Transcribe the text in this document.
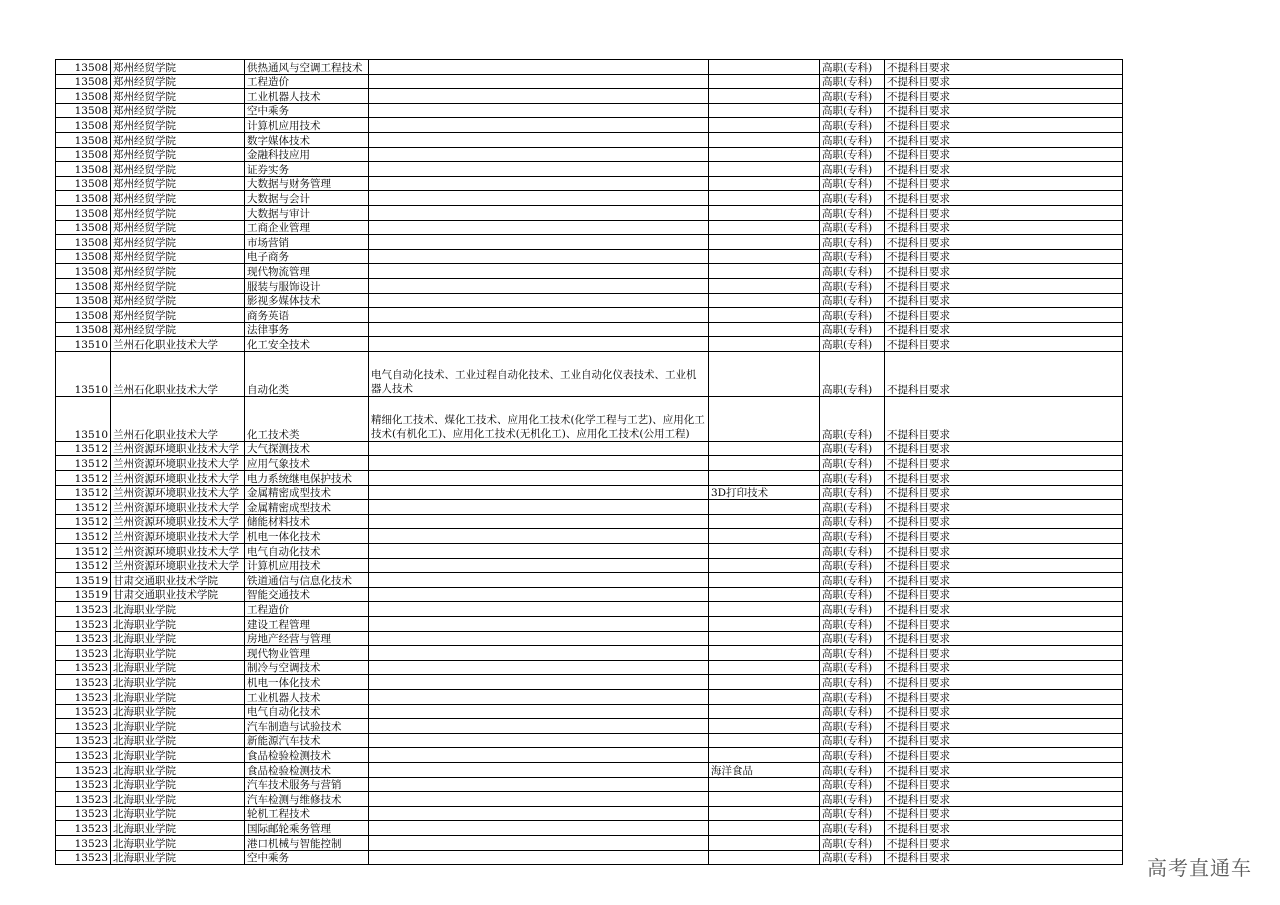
13508	郑州经贸学院	供热通风与空调工程技术			高职(专科)	不提科目要求
13508	郑州经贸学院	工程造价			高职(专科)	不提科目要求
13508	郑州经贸学院	工业机器人技术			高职(专科)	不提科目要求
13508	郑州经贸学院	空中乘务			高职(专科)	不提科目要求
13508	郑州经贸学院	计算机应用技术			高职(专科)	不提科目要求
13508	郑州经贸学院	数字媒体技术			高职(专科)	不提科目要求
13508	郑州经贸学院	金融科技应用			高职(专科)	不提科目要求
13508	郑州经贸学院	证券实务			高职(专科)	不提科目要求
13508	郑州经贸学院	大数据与财务管理			高职(专科)	不提科目要求
13508	郑州经贸学院	大数据与会计			高职(专科)	不提科目要求
13508	郑州经贸学院	大数据与审计			高职(专科)	不提科目要求
13508	郑州经贸学院	工商企业管理			高职(专科)	不提科目要求
13508	郑州经贸学院	市场营销			高职(专科)	不提科目要求
13508	郑州经贸学院	电子商务			高职(专科)	不提科目要求
13508	郑州经贸学院	现代物流管理			高职(专科)	不提科目要求
13508	郑州经贸学院	服装与服饰设计			高职(专科)	不提科目要求
13508	郑州经贸学院	影视多媒体技术			高职(专科)	不提科目要求
13508	郑州经贸学院	商务英语			高职(专科)	不提科目要求
13508	郑州经贸学院	法律事务			高职(专科)	不提科目要求
13510	兰州石化职业技术大学	化工安全技术			高职(专科)	不提科目要求
13510	兰州石化职业技术大学	自动化类	电气自动化技术、工业过程自动化技术、工业自动化仪表技术、工业机器人技术		高职(专科)	不提科目要求
13510	兰州石化职业技术大学	化工技术类	精细化工技术、煤化工技术、应用化工技术(化学工程与工艺)、应用化工技术(有机化工)、应用化工技术(无机化工)、应用化工技术(公用工程)		高职(专科)	不提科目要求
13512	兰州资源环境职业技术大学	大气探测技术			高职(专科)	不提科目要求
13512	兰州资源环境职业技术大学	应用气象技术			高职(专科)	不提科目要求
13512	兰州资源环境职业技术大学	电力系统继电保护技术			高职(专科)	不提科目要求
13512	兰州资源环境职业技术大学	金属精密成型技术		3D打印技术	高职(专科)	不提科目要求
13512	兰州资源环境职业技术大学	金属精密成型技术			高职(专科)	不提科目要求
13512	兰州资源环境职业技术大学	储能材料技术			高职(专科)	不提科目要求
13512	兰州资源环境职业技术大学	机电一体化技术			高职(专科)	不提科目要求
13512	兰州资源环境职业技术大学	电气自动化技术			高职(专科)	不提科目要求
13512	兰州资源环境职业技术大学	计算机应用技术			高职(专科)	不提科目要求
13519	甘肃交通职业技术学院	铁道通信与信息化技术			高职(专科)	不提科目要求
13519	甘肃交通职业技术学院	智能交通技术			高职(专科)	不提科目要求
13523	北海职业学院	工程造价			高职(专科)	不提科目要求
13523	北海职业学院	建设工程管理			高职(专科)	不提科目要求
13523	北海职业学院	房地产经营与管理			高职(专科)	不提科目要求
13523	北海职业学院	现代物业管理			高职(专科)	不提科目要求
13523	北海职业学院	制冷与空调技术			高职(专科)	不提科目要求
13523	北海职业学院	机电一体化技术			高职(专科)	不提科目要求
13523	北海职业学院	工业机器人技术			高职(专科)	不提科目要求
13523	北海职业学院	电气自动化技术			高职(专科)	不提科目要求
13523	北海职业学院	汽车制造与试验技术			高职(专科)	不提科目要求
13523	北海职业学院	新能源汽车技术			高职(专科)	不提科目要求
13523	北海职业学院	食品检验检测技术			高职(专科)	不提科目要求
13523	北海职业学院	食品检验检测技术		海洋食品	高职(专科)	不提科目要求
13523	北海职业学院	汽车技术服务与营销			高职(专科)	不提科目要求
13523	北海职业学院	汽车检测与维修技术			高职(专科)	不提科目要求
13523	北海职业学院	轮机工程技术			高职(专科)	不提科目要求
13523	北海职业学院	国际邮轮乘务管理			高职(专科)	不提科目要求
13523	北海职业学院	港口机械与智能控制			高职(专科)	不提科目要求
13523	北海职业学院	空中乘务			高职(专科)	不提科目要求	高考直通车
